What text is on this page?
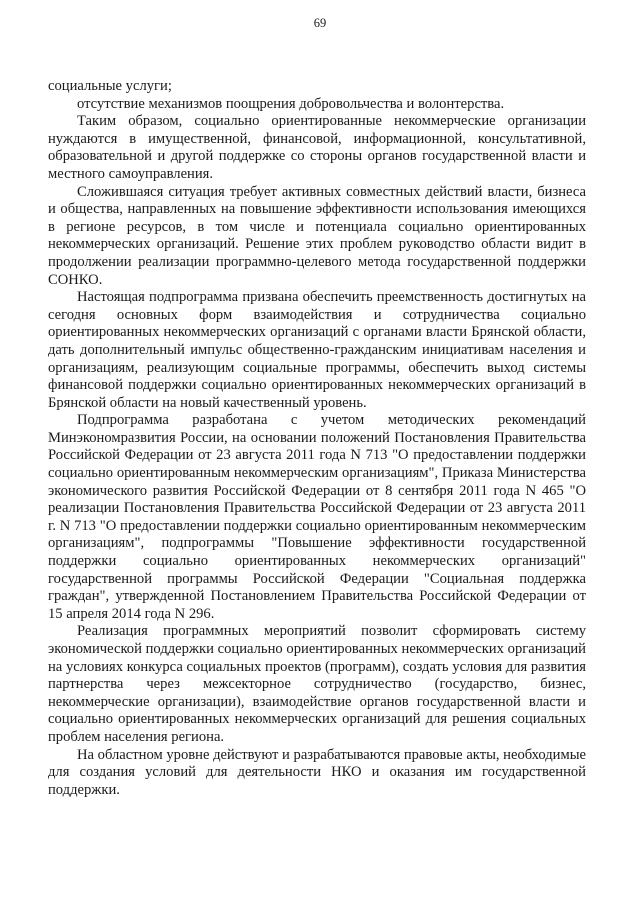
69

социальные услуги;

отсутствие механизмов поощрения добровольчества и волонтерства.

Таким образом, социально ориентированные некоммерческие организации нуждаются в имущественной, финансовой, информационной, консультативной, образовательной и другой поддержке со стороны органов государственной власти и местного самоуправления.

Сложившаяся ситуация требует активных совместных действий власти, бизнеса и общества, направленных на повышение эффективности использования имеющихся в регионе ресурсов, в том числе и потенциала социально ориентированных некоммерческих организаций. Решение этих проблем руководство области видит в продолжении реализации программно-целевого метода государственной поддержки СОНКО.

Настоящая подпрограмма призвана обеспечить преемственность достигнутых на сегодня основных форм взаимодействия и сотрудничества социально ориентированных некоммерческих организаций с органами власти Брянской области, дать дополнительный импульс общественно-гражданским инициативам населения и организациям, реализующим социальные программы, обеспечить выход системы финансовой поддержки социально ориентированных некоммерческих организаций в Брянской области на новый качественный уровень.

Подпрограмма разработана с учетом методических рекомендаций Минэкономразвития России, на основании положений Постановления Правительства Российской Федерации от 23 августа 2011 года N 713 "О предоставлении поддержки социально ориентированным некоммерческим организациям", Приказа Министерства экономического развития Российской Федерации от 8 сентября 2011 года N 465 "О реализации Постановления Правительства Российской Федерации от 23 августа 2011 г. N 713 "О предоставлении поддержки социально ориентированным некоммерческим организациям", подпрограммы "Повышение эффективности государственной поддержки социально ориентированных некоммерческих организаций" государственной программы Российской Федерации "Социальная поддержка граждан", утвержденной Постановлением Правительства Российской Федерации от 15 апреля 2014 года N 296.

Реализация программных мероприятий позволит сформировать систему экономической поддержки социально ориентированных некоммерческих организаций на условиях конкурса социальных проектов (программ), создать условия для развития партнерства через межсекторное сотрудничество (государство, бизнес, некоммерческие организации), взаимодействие органов государственной власти и социально ориентированных некоммерческих организаций для решения социальных проблем населения региона.

На областном уровне действуют и разрабатываются правовые акты, необходимые для создания условий для деятельности НКО и оказания им государственной поддержки.
